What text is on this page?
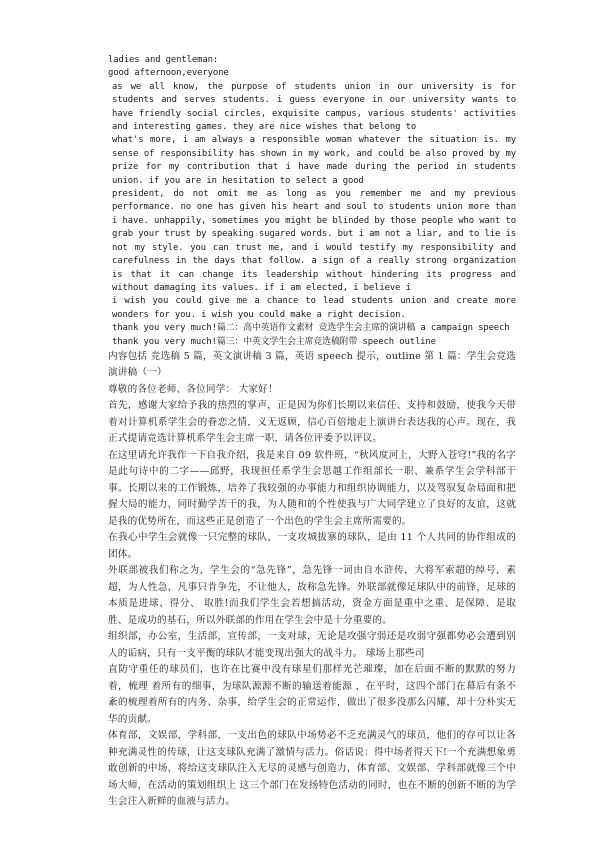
ladies and gentleman:

good afternoon,everyone

as we all know, the purpose of students union in our university is for students and serves students. i guess everyone in our university wants to have friendly social circles, exquisite campus, various students' activities and interesting games. they are nice wishes that belong to

what's more, i am always a responsible woman whatever the situation is. my sense of responsibility has shown in my work, and could be also proved by my prize for my contribution that i have made during the period in students union. if you are in hesitation to select a good

president, do not omit me as long as you remember me and my previous performance. no one has given his heart and soul to students union more than i have. unhappily, sometimes you might be blinded by those people who want to grab your trust by speaking sugared words. but i am not a liar, and to lie is not my style. you can trust me, and i would testify my responsibility and carefulness in the days that follow. a sign of a really strong organization is that it can change its leadership without hindering its progress and without damaging its values. if i am elected, i believe i

i wish you could give me a chance to lead students union and create more wonders for you. i wish you could make a right decision.

thank you very much!篇二：高中英语作文素材 竞选学生会主席的演讲稿 a campaign speech

thank you very much!篇三：中英文学生会主席竞选稿附带 speech outline

内容包括 竞选稿 5 篇，英文演讲稿 3 篇，英语 speech 提示，outline 第 1 篇：学生会竞选演讲稿（一）

尊敬的各位老师、各位同学： 大家好！

首先，感谢大家给予我的热烈的掌声，正是因为你们长期以来信任、支持和鼓励，使我今天带着对计算机系学生会的眷恋之情，义无返顾，信心百倍地走上演讲台表达我的心声。现在，我正式提请竞选计算机系学生会主席一职，请各位评委予以评议。

在这里请允许我作一下自我介绍，我是来自 09 软件班，“秋风度河上，大野入苍穹!”我的名字是此句诗中的二字——邱野，我现担任系学生会思越工作组部长一职、兼系学生会学科部干事。长期以来的工作锻炼，培养了我较强的办事能力和组织协调能力，以及驾驭复杂局面和把握大局的能力，同时勤学苦干的我，为人随和的个性使我与广大同学建立了良好的友谊，这就是我的优势所在，而这些正是创造了一个出色的学生会主席所需要的。

在我心中学生会就像一只完整的球队，一支攻城拔寨的球队，是由 11 个人共同的协作组成的团体。

外联部被我们称之为，学生会的“急先锋”，急先锋一词由自水浒传，大将军索超的绰号，素超，为人性急，凡事只肯争先，不让他人，故称急先锋。外联部就像足球队中的前锋，足球的本质是进球、得分、 取胜!而我们学生会若想搞活动，资金方面是重中之重、是保障、是取胜、是成功的基石，所以外联部的作用在学生会中是十分重要的。

组织部，办公室，生活部，宣传部，一支对球，无论是攻强守弱还是攻弱守强都势必会遭到别人的诟病，只有一支平衡的球队才能变现出强大的战斗力。 球场上那些司

直防守重任的球员们，也许在比赛中没有球星们那样光芒璀璨，加在后面不断的默默的努力着，梳理 着所有的细事，为球队源源不断的输送着能源 ，在平时，这四个部门在幕后有条不紊的梳理着所有的内务、杂事，给学生会的正常运作，做出了很多没那么闪耀，却十分朴实无华的贡献。

体育部，文娱部，学科部，一支出色的球队中场势必不乏充满灵气的球员，他们的存可以让各种充满灵性的传球，让这支球队充满了激情与活力。俗话说：得中场者得天下!一个充满想象勇敢创新的中场，将给这支球队注入无尽的灵感与创造力，体育部、文娱部、学科部就像三个中场大师，在活动的策划组织上 这三个部门在发扬特色活动的同时，也在不断的创新不断的为学生会注入新鲜的血液与活力。
